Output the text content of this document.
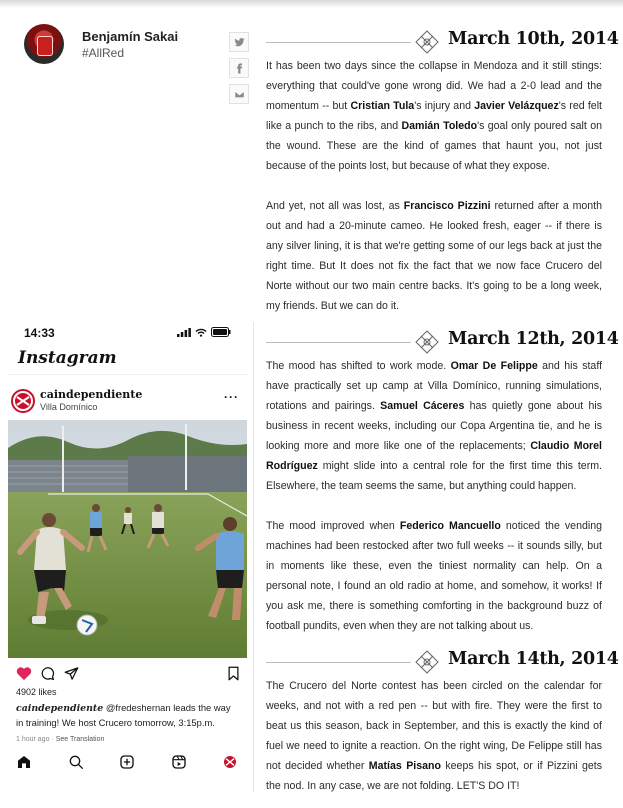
Benjamín Sakai
#AllRed
March 10th, 2014

It has been two days since the collapse in Mendoza and it still stings: everything that could've gone wrong did. We had a 2-0 lead and the momentum -- but Cristian Tula's injury and Javier Velázquez's red felt like a punch to the ribs, and Damián Toledo's goal only poured salt on the wound. These are the kind of games that haunt you, not just because of the points lost, but because of what they expose.

And yet, not all was lost, as Francisco Pizzini returned after a month out and had a 20-minute cameo. He looked fresh, eager -- if there is any silver lining, it is that we're getting some of our legs back at just the right time. But It does not fix the fact that we now face Crucero del Norte without our two main centre backs. It's going to be a long week, my friends. But we can do it.

March 12th, 2014

The mood has shifted to work mode. Omar De Felippe and his staff have practically set up camp at Villa Domínico, running simulations, rotations and pairings. Samuel Cáceres has quietly gone about his business in recent weeks, including our Copa Argentina tie, and he is looking more and more like one of the replacements; Claudio Morel Rodríguez might slide into a central role for the first time this term. Elsewhere, the team seems the same, but anything could happen.

The mood improved when Federico Mancuello noticed the vending machines had been restocked after two full weeks -- it sounds silly, but in moments like these, even the tiniest normality can help. On a personal note, I found an old radio at home, and somehow, it works! If you ask me, there is something comforting in the background buzz of football pundits, even when they are not talking about us.

March 14th, 2014

The Crucero del Norte contest has been circled on the calendar for weeks, and not with a red pen -- but with fire. They were the first to beat us this season, back in September, and this is exactly the kind of fuel we need to ignite a reaction. On the right wing, De Felippe still has not decided whether Matías Pisano keeps his spot, or if Pizzini gets the nod. In any case, we are not folding. LET'S DO IT!

14:33
Instagram
caindependiente
Villa Domínico
···
4902 likes
caindependiente @fredeshernan leads the way in training! We host Crucero tomorrow, 3:15p.m.
1 hour ago · See Translation
